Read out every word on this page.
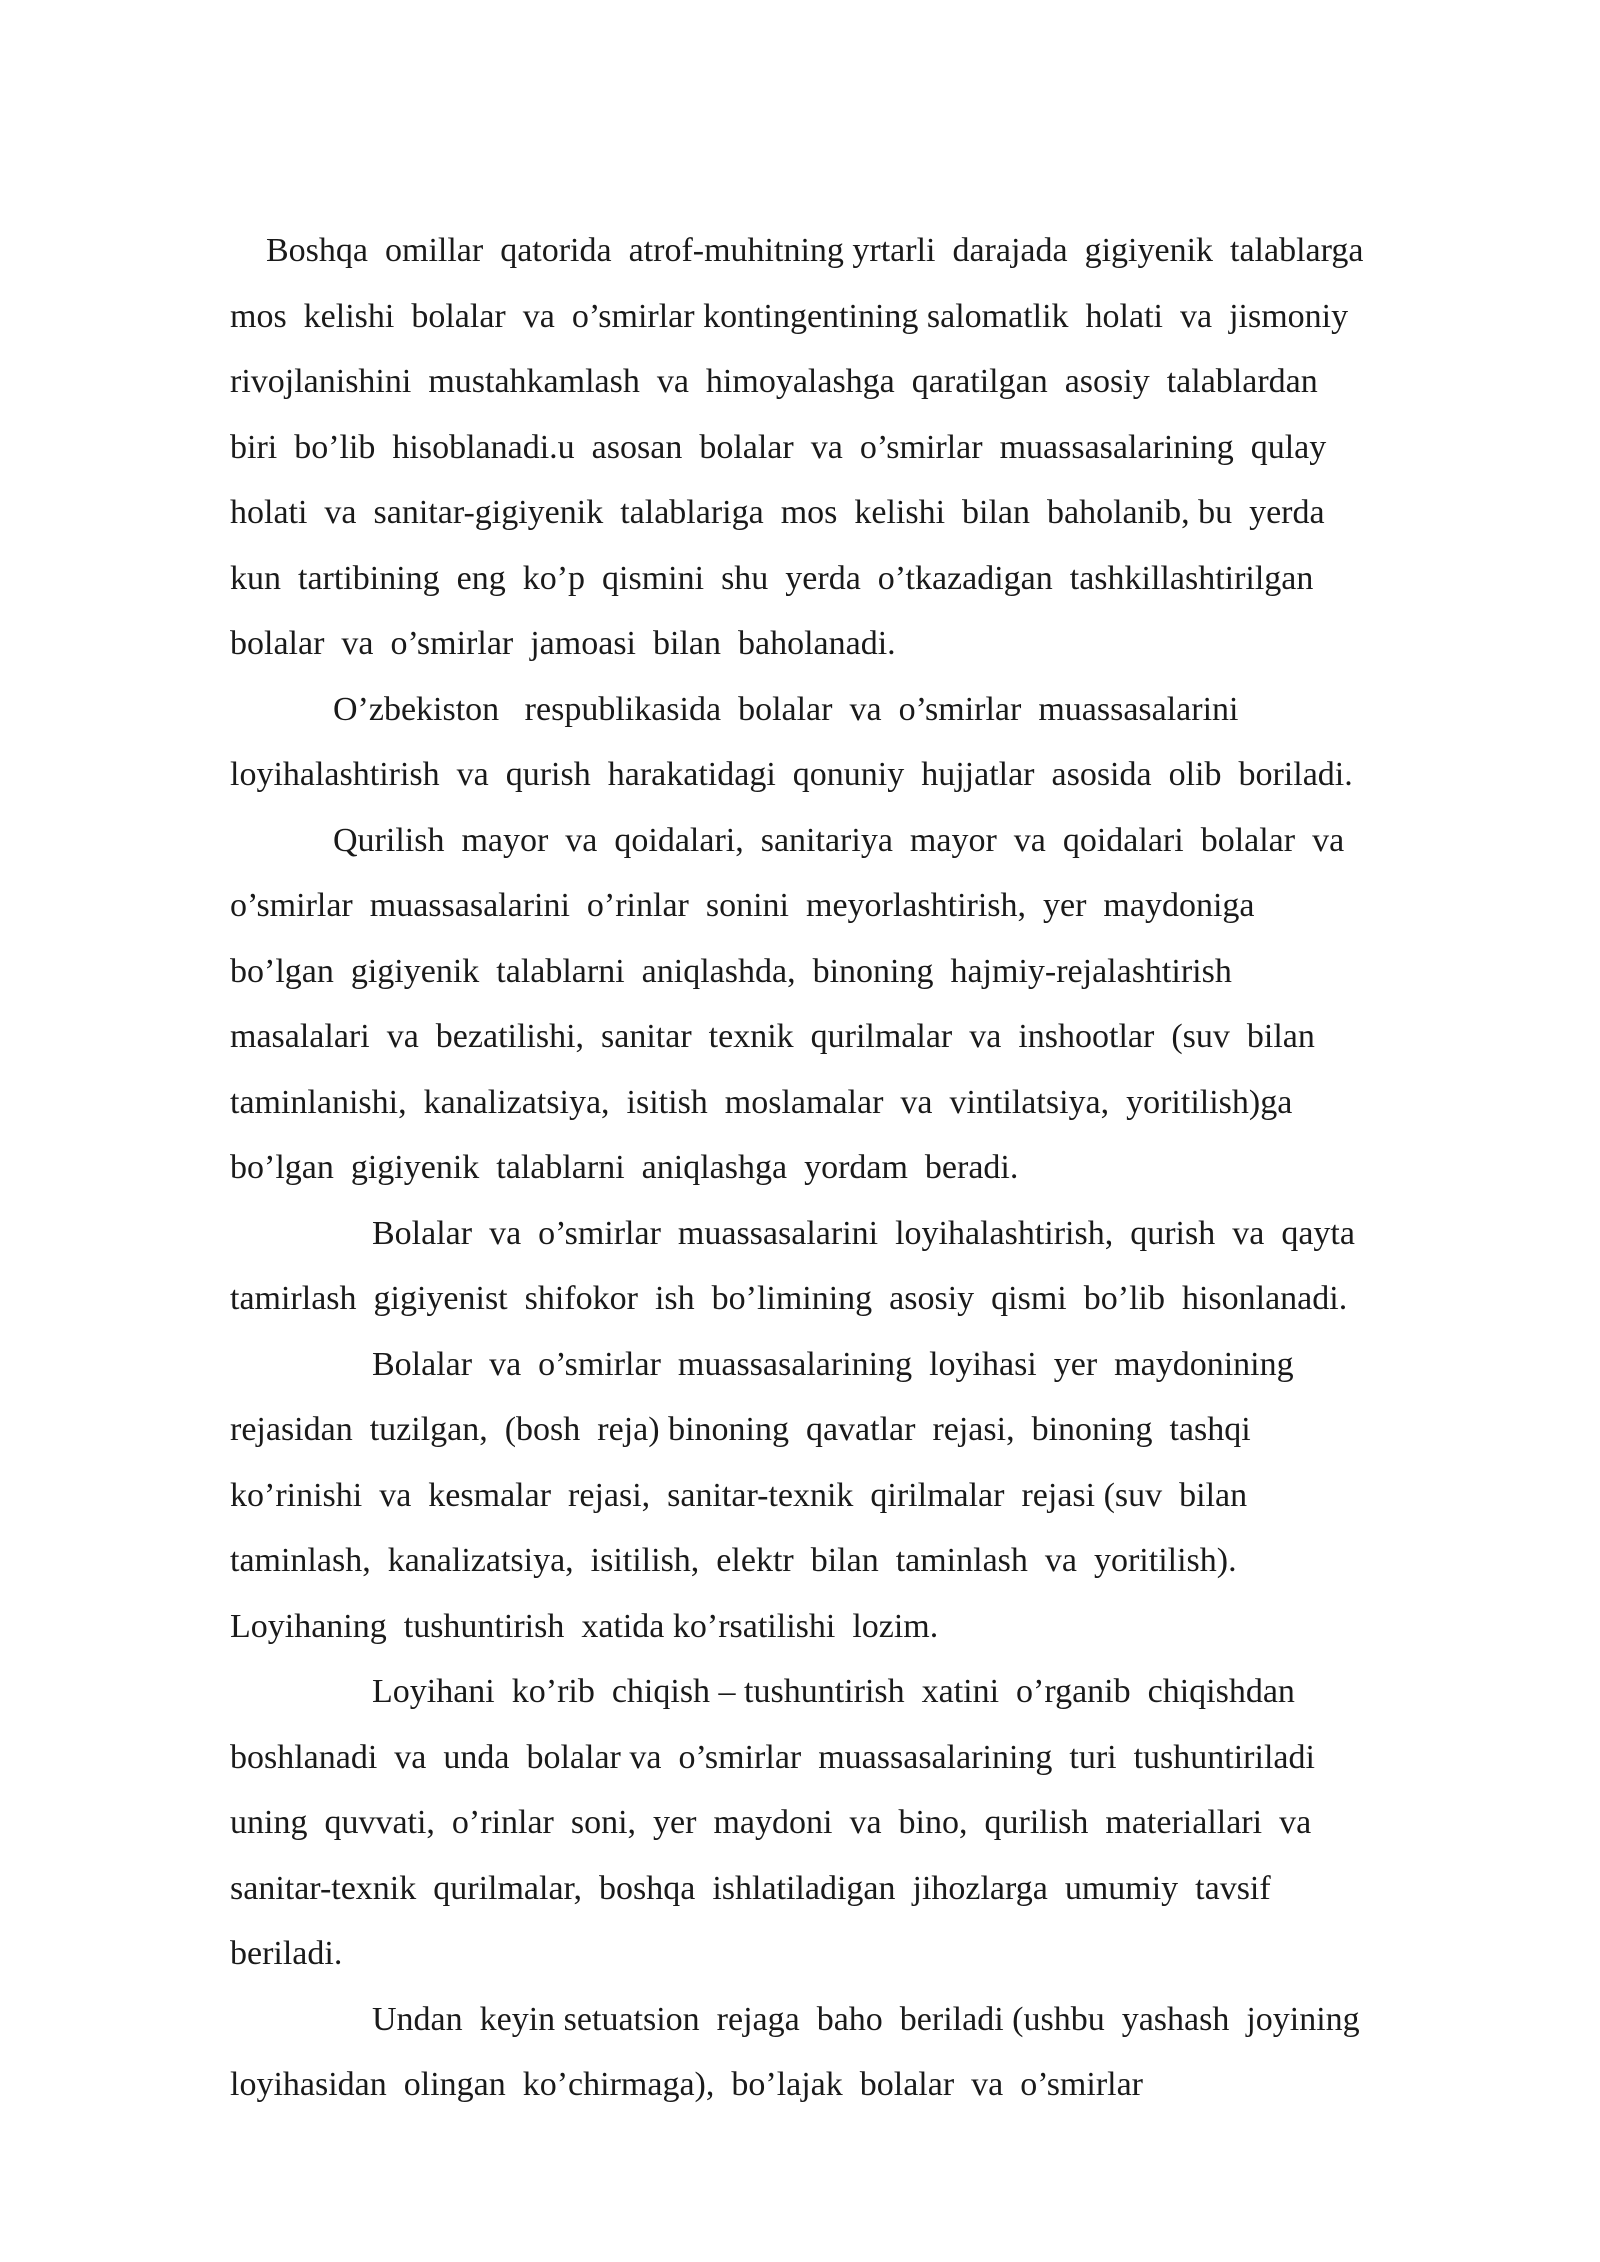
Boshqa  omillar  qatorida  atrof-muhitning yrtarli  darajada  gigiyenik  talablarga
mos  kelishi  bolalar  va  o’smirlar kontingentining salomatlik  holati  va  jismoniy
rivojlanishini  mustahkamlash  va  himoyalashga  qaratilgan  asosiy  talablardan
biri  bo’lib  hisoblanadi.u  asosan  bolalar  va  o’smirlar  muassasalarining  qulay
holati  va  sanitar-gigiyenik  talablariga  mos  kelishi  bilan  baholanib, bu  yerda
kun  tartibining  eng  ko’p  qismini  shu  yerda  o’tkazadigan  tashkillashtirilgan
bolalar  va  o’smirlar  jamoasi  bilan  baholanadi.
O’zbekiston   respublikasida  bolalar  va  o’smirlar  muassasalarini
loyihalashtirish  va  qurish  harakatidagi  qonuniy  hujjatlar  asosida  olib  boriladi.
Qurilish  mayor  va  qoidalari,  sanitariya  mayor  va  qoidalari  bolalar  va
o’smirlar  muassasalarini  o’rinlar  sonini  meyorlashtirish,  yer  maydoniga
bo’lgan  gigiyenik  talablarni  aniqlashda,  binoning  hajmiy-rejalashtirish
masalalari  va  bezatilishi,  sanitar  texnik  qurilmalar  va  inshootlar  (suv  bilan
taminlanishi,  kanalizatsiya,  isitish  moslamalar  va  vintilatsiya,  yoritilish)ga
bo’lgan  gigiyenik  talablarni  aniqlashga  yordam  beradi.
Bolalar  va  o’smirlar  muassasalarini  loyihalashtirish,  qurish  va  qayta
tamirlash  gigiyenist  shifokor  ish  bo’limining  asosiy  qismi  bo’lib  hisonlanadi.
Bolalar  va  o’smirlar  muassasalarining  loyihasi  yer  maydonining
rejasidan  tuzilgan,  (bosh  reja) binoning  qavatlar  rejasi,  binoning  tashqi
ko’rinishi  va  kesmalar  rejasi,  sanitar-texnik  qirilmalar  rejasi (suv  bilan
taminlash,  kanalizatsiya,  isitilish,  elektr  bilan  taminlash  va  yoritilish).
Loyihaning  tushuntirish  xatida ko’rsatilishi  lozim.
Loyihani  ko’rib  chiqish – tushuntirish  xatini  o’rganib  chiqishdan
boshlanadi  va  unda  bolalar va  o’smirlar  muassasalarining  turi  tushuntiriladi
uning  quvvati,  o’rinlar  soni,  yer  maydoni  va  bino,  qurilish  materiallari  va
sanitar-texnik  qurilmalar,  boshqa  ishlatiladigan  jihozlarga  umumiy  tavsif
beriladi.
Undan  keyin setuatsion  rejaga  baho  beriladi (ushbu  yashash  joyining
loyihasidan  olingan  ko’chirmaga),  bo’lajak  bolalar  va  o’smirlar
